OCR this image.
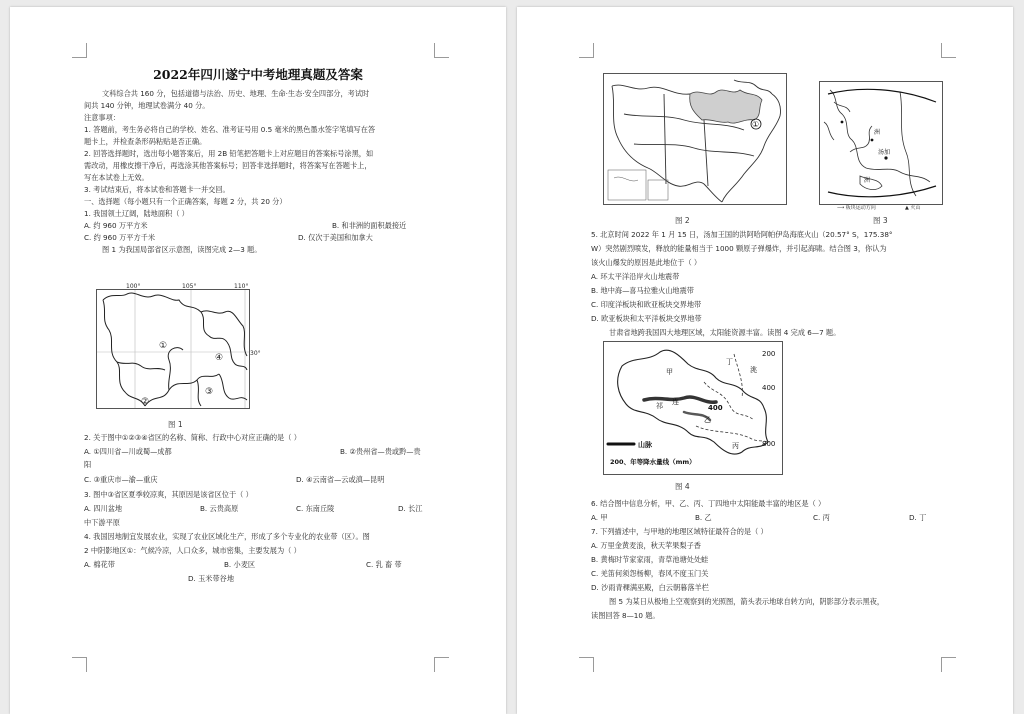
2022年四川遂宁中考地理真题及答案
文科综合共 160 分，包括道德与法治、历史、地理、生命·生态·安全四部分，考试时
间共 140 分钟，地理试卷满分 40 分。
注意事项：
1. 答题前，考生务必将自己的学校、姓名、准考证号用 0.5 毫米的黑色墨水签字笔填写在答
题卡上，并检查条形码粘贴是否正确。
2. 回答选择题时，选出每小题答案后，用 2B 铅笔把答题卡上对应题目的答案标号涂黑，如
需改动，用橡皮擦干净后，再选涂其他答案标号；回答非选择题时，将答案写在答题卡上，
写在本试卷上无效。
3. 考试结束后，将本试卷和答题卡一并交回。
一、选择题（每小题只有一个正确答案，每题 2 分，共 20 分）
1. 我国领土辽阔，陆地面积（ ）
A. 约 960 万平方米	B. 和非洲的面积最接近
C. 约 960 万平方千米	D. 仅次于美国和加拿大
图 1 为我国局部省区示意图，读图完成 2—3 题。
①
②
③
④
100°	105°	110°
30°
图 1
2. 关于图中①②③④省区的名称、简称、行政中心对应正确的是（ ）
A. ①四川省—川或蜀—成都	B. ②贵州省—贵或黔—贵
阳
C. ③重庆市—渝—重庆	D. ④云南省—云或滇—昆明
3. 图中③省区夏季较凉爽，其原因是该省区位于（ ）
A. 四川盆地	B. 云贵高原	C. 东南丘陵	D. 长江
中下游平原
4. 我国因地制宜发展农业，实现了农业区域化生产，形成了多个专业化的农业带（区）。图
2 中阴影地区①：气候冷凉，人口众多，城市密集，主要发展为（ ）
A. 棉花带	B. 小麦区	C. 乳 畜 带
D. 玉米带谷地
①
图 2
洲
汤加
洲
⟶ 板块运动方向	▲ 火山
图 3
5. 北京时间 2022 年 1 月 15 日，汤加王国的洪阿哈阿帕伊岛海底火山（20.57° S，175.38°
W）突然剧烈喷发，释放的能量相当于 1000 颗原子弹爆炸，并引起海啸。结合图 3，你认为
该火山爆发的原因是此地位于（ ）
A. 环太平洋沿岸火山地震带
B. 地中海—喜马拉雅火山地震带
C. 印度洋板块和欧亚板块交界地带
D. 欧亚板块和太平洋板块交界地带
甘肃省地跨我国四大地理区域，太阳能资源丰富。读图 4 完成 6—7 题。
200
400
400
800
甲
乙
丙
丁
祁 连
洮
山脉
200、年等降水量线（mm）
图 4
6. 结合图中信息分析，甲、乙、丙、丁四地中太阳能最丰富的地区是（ ）
A. 甲	B. 乙	C. 丙	D. 丁
7. 下列描述中，与甲地的地理区域特征最符合的是（ ）
A. 万里金黄麦浪，秋天苹果梨子香
B. 黄梅时节家家雨，青草池塘处处蛙
C. 羌笛何须怨杨柳，春风不度玉门关
D. 沙雨青稞满巫殿，白云朝暮落羊栏
图 5 为某日从极地上空观察到的光照图，箭头表示地球自转方向，阴影部分表示黑夜，
读图回答 8—10 题。
